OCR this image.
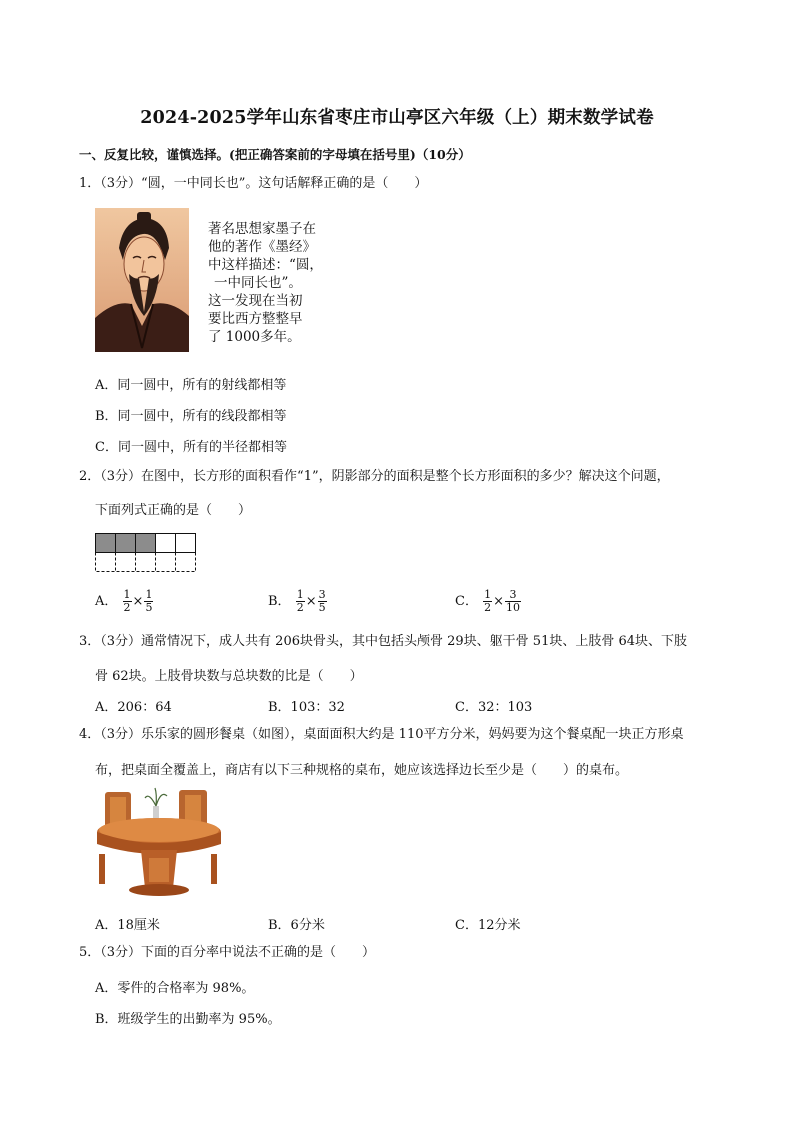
2024-2025学年山东省枣庄市山亭区六年级（上）期末数学试卷
一、反复比较，谨慎选择。(把正确答案前的字母填在括号里)（10分）
1．（3分）“圆，一中同长也”。这句话解释正确的是（　　）
著名思想家墨子在
他的著作《墨经》
中这样描述：“圆，
一中同长也”。
这一发现在当初
要比西方整整早
了 1000多年。
A．同一圆中，所有的射线都相等
B．同一圆中，所有的线段都相等
C．同一圆中，所有的半径都相等
2．（3分）在图中，长方形的面积看作“1”，阴影部分的面积是整个长方形面积的多少？解决这个问题，
下面列式正确的是（　　）
A． $\frac{1}{2} \times \frac{1}{5}$	B． $\frac{1}{2} \times \frac{3}{5}$	C． $\frac{1}{2} \times \frac{3}{10}$
3．（3分）通常情况下，成人共有 206块骨头，其中包括头颅骨 29块、躯干骨 51块、上肢骨 64块、下肢
骨 62块。上肢骨块数与总块数的比是（　　）
A．206：64	B．103：32	C．32：103
4．（3分）乐乐家的圆形餐桌（如图），桌面面积大约是 110平方分米，妈妈要为这个餐桌配一块正方形桌
布，把桌面全覆盖上，商店有以下三种规格的桌布，她应该选择边长至少是（　　）的桌布。
A．18厘米	B．6分米	C．12分米
5．（3分）下面的百分率中说法不正确的是（　　）
A．零件的合格率为 98%。
B．班级学生的出勤率为 95%。
